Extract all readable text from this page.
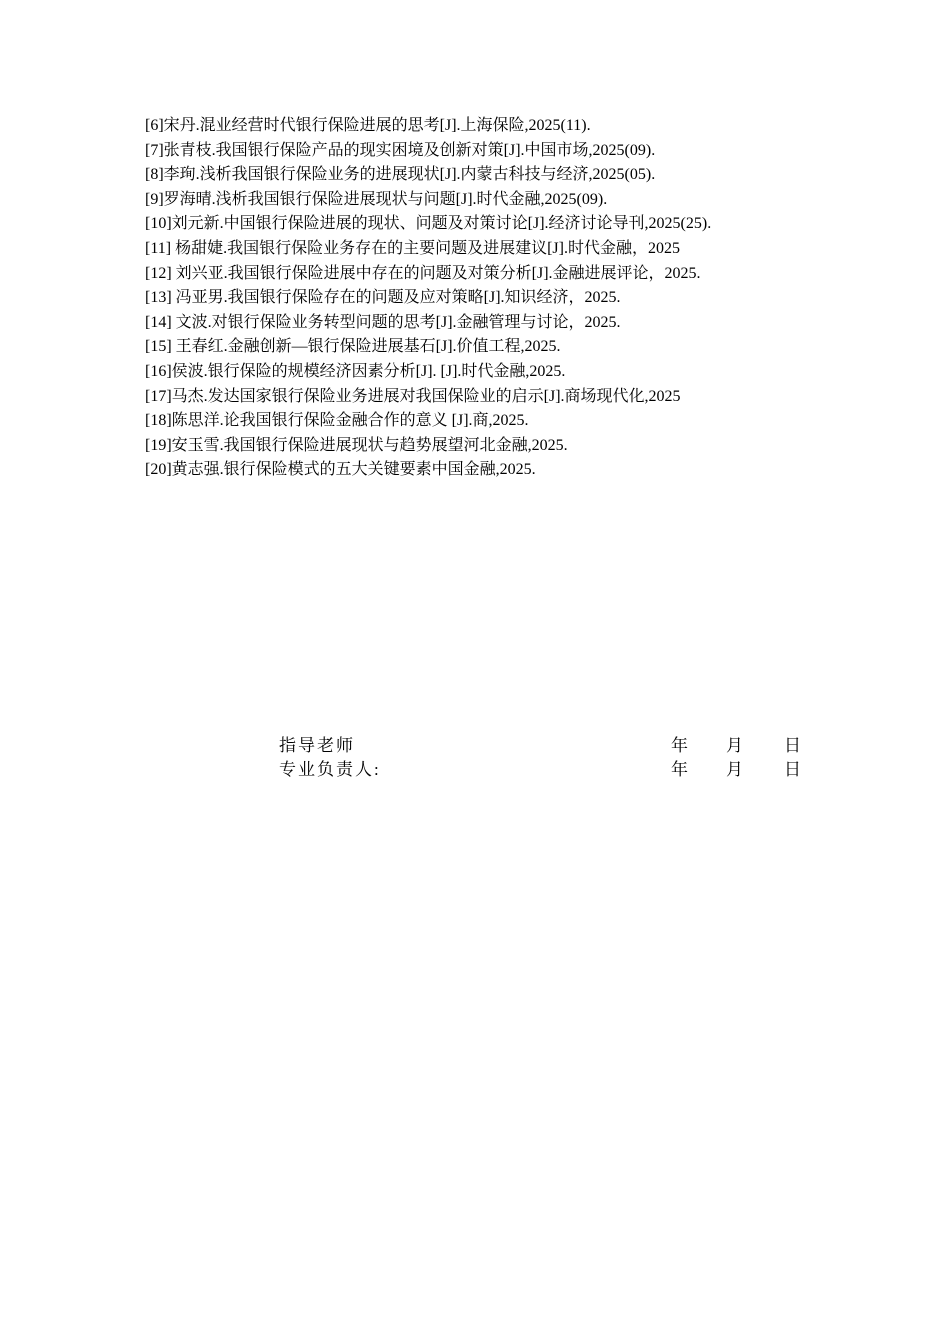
[6]宋丹.混业经营时代银行保险进展的思考[J].上海保险,2025(11).

[7]张青枝.我国银行保险产品的现实困境及创新对策[J].中国市场,2025(09).

[8]李珣.浅析我国银行保险业务的进展现状[J].内蒙古科技与经济,2025(05).

[9]罗海晴.浅析我国银行保险进展现状与问题[J].时代金融,2025(09).

[10]刘元新.中国银行保险进展的现状、问题及对策讨论[J].经济讨论导刊,2025(25).

[11] 杨甜婕.我国银行保险业务存在的主要问题及进展建议[J].时代金融，2025

[12] 刘兴亚.我国银行保险进展中存在的问题及对策分析[J].金融进展评论，2025.

[13] 冯亚男.我国银行保险存在的问题及应对策略[J].知识经济，2025.

[14] 文波.对银行保险业务转型问题的思考[J].金融管理与讨论，2025.

[15] 王春红.金融创新—银行保险进展基石[J].价值工程,2025.

[16]侯波.银行保险的规模经济因素分析[J]. [J].时代金融,2025.

[17]马杰.发达国家银行保险业务进展对我国保险业的启示[J].商场现代化,2025

[18]陈思洋.论我国银行保险金融合作的意义 [J].商,2025.

[19]安玉雪.我国银行保险进展现状与趋势展望河北金融,2025.

[20]黄志强.银行保险模式的五大关键要素中国金融,2025.

指导老师	年 月 日
专业负责人:	年 月 日
